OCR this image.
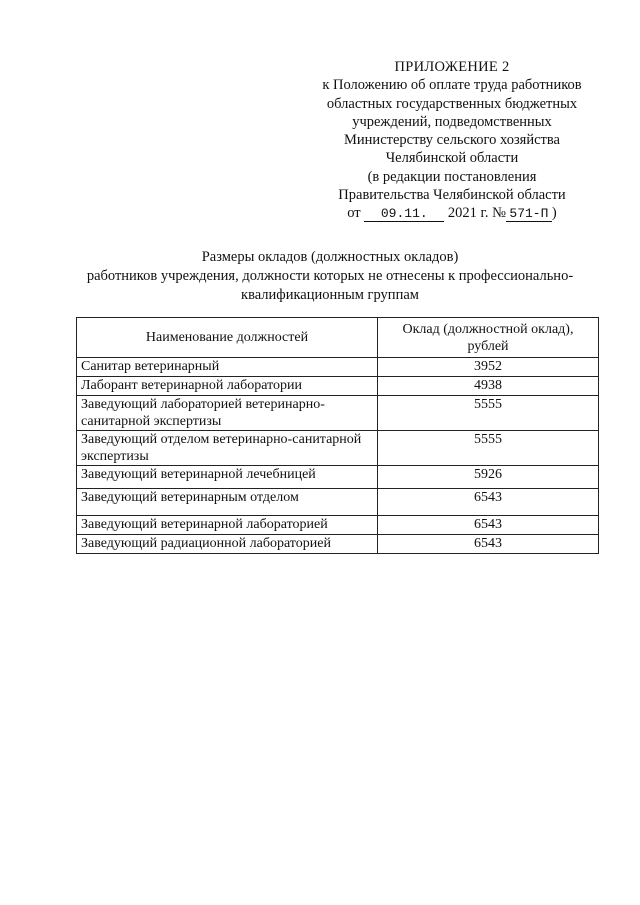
ПРИЛОЖЕНИЕ 2
к Положению об оплате труда работников
областных государственных бюджетных
учреждений, подведомственных
Министерству сельского хозяйства
Челябинской области
(в редакции постановления
Правительства Челябинской области
от 09.11. 2021 г. № 571-П )
Размеры окладов (должностных окладов)
работников учреждения, должности которых не отнесены к профессионально-
квалификационным группам
Наименование должностей	Оклад (должностной оклад),
рублей

Санитар ветеринарный	3952
Лаборант ветеринарной лаборатории	4938
Заведующий лабораторией ветеринарно-санитарной экспертизы	5555
Заведующий отделом ветеринарно-санитарной экспертизы	5555
Заведующий ветеринарной лечебницей	5926
Заведующий ветеринарным отделом	6543
Заведующий ветеринарной лабораторией	6543
Заведующий радиационной лабораторией	6543
